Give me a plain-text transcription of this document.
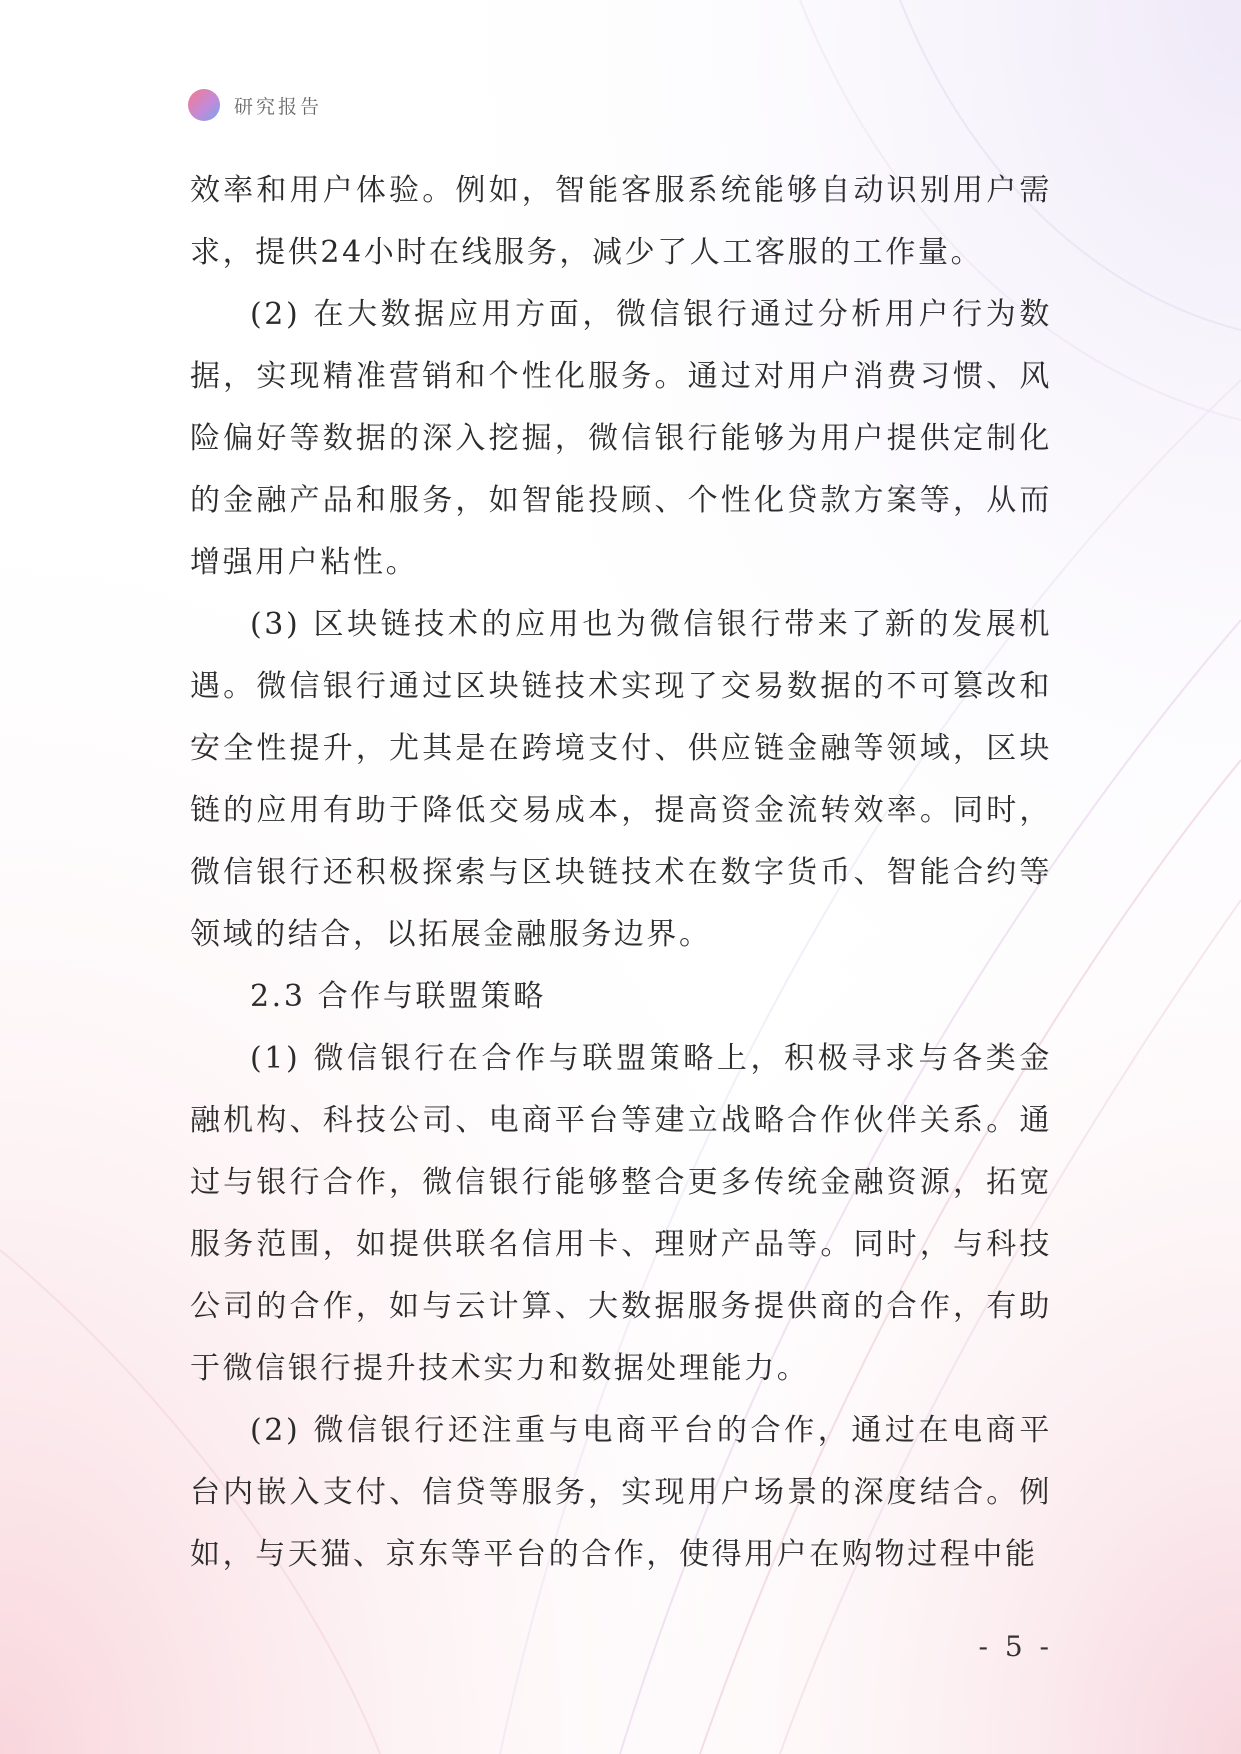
研究报告

效率和用户体验。例如，智能客服系统能够自动识别用户需求，提供24小时在线服务，减少了人工客服的工作量。

(2) 在大数据应用方面，微信银行通过分析用户行为数据，实现精准营销和个性化服务。通过对用户消费习惯、风险偏好等数据的深入挖掘，微信银行能够为用户提供定制化的金融产品和服务，如智能投顾、个性化贷款方案等，从而增强用户粘性。

(3) 区块链技术的应用也为微信银行带来了新的发展机遇。微信银行通过区块链技术实现了交易数据的不可篡改和安全性提升，尤其是在跨境支付、供应链金融等领域，区块链的应用有助于降低交易成本，提高资金流转效率。同时，微信银行还积极探索与区块链技术在数字货币、智能合约等领域的结合，以拓展金融服务边界。

2.3 合作与联盟策略

(1) 微信银行在合作与联盟策略上，积极寻求与各类金融机构、科技公司、电商平台等建立战略合作伙伴关系。通过与银行合作，微信银行能够整合更多传统金融资源，拓宽服务范围，如提供联名信用卡、理财产品等。同时，与科技公司的合作，如与云计算、大数据服务提供商的合作，有助于微信银行提升技术实力和数据处理能力。

(2) 微信银行还注重与电商平台的合作，通过在电商平台内嵌入支付、信贷等服务，实现用户场景的深度结合。例如，与天猫、京东等平台的合作，使得用户在购物过程中能

- 5 -
